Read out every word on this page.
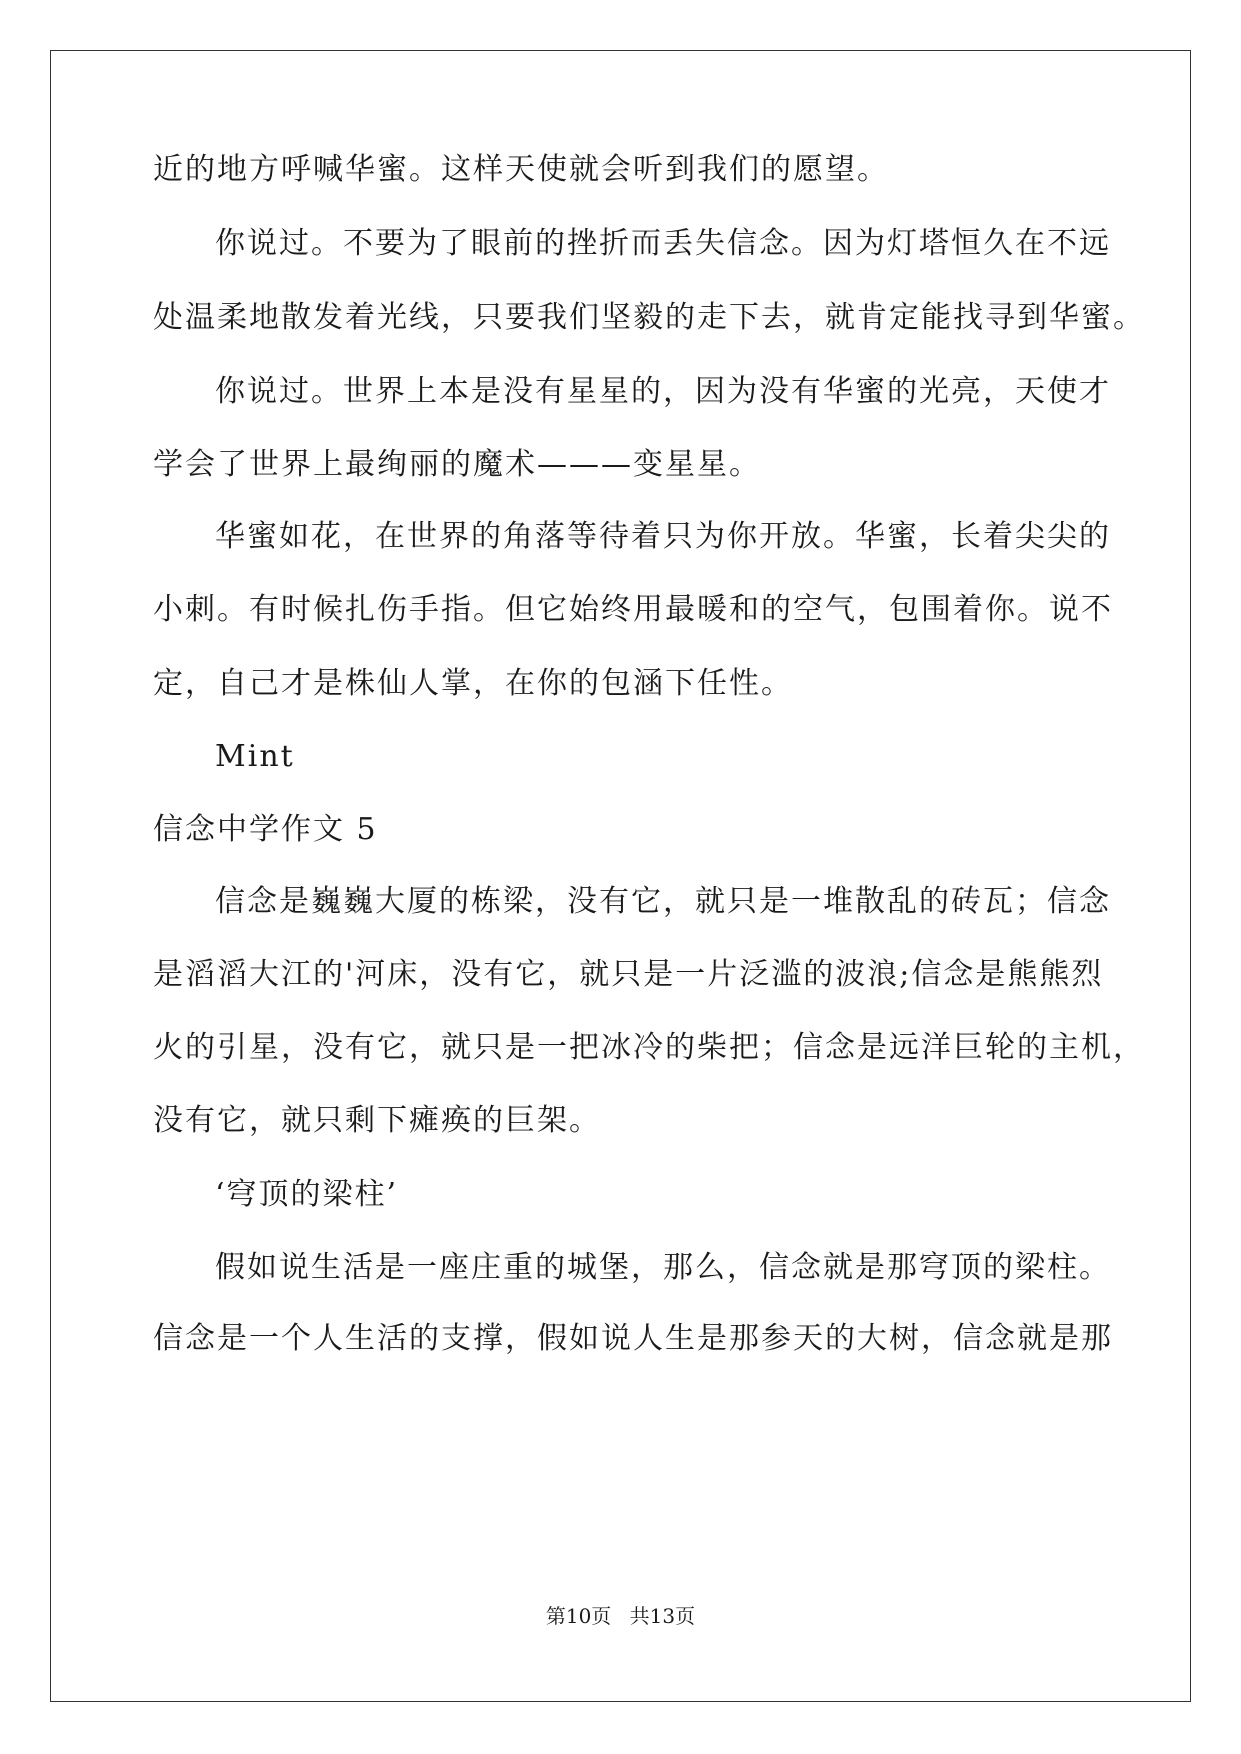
近的地方呼喊华蜜。这样天使就会听到我们的愿望。
你说过。不要为了眼前的挫折而丢失信念。因为灯塔恒久在不远
处温柔地散发着光线，只要我们坚毅的走下去，就肯定能找寻到华蜜。
你说过。世界上本是没有星星的，因为没有华蜜的光亮，天使才
学会了世界上最绚丽的魔术———变星星。
华蜜如花，在世界的角落等待着只为你开放。华蜜，长着尖尖的
小刺。有时候扎伤手指。但它始终用最暖和的空气，包围着你。说不
定，自己才是株仙人掌，在你的包涵下任性。
Mint
信念中学作文 5
信念是巍巍大厦的栋梁，没有它，就只是一堆散乱的砖瓦；信念
是滔滔大江的'河床，没有它，就只是一片泛滥的波浪;信念是熊熊烈
火的引星，没有它，就只是一把冰冷的柴把；信念是远洋巨轮的主机，
没有它，就只剩下瘫痪的巨架。
‘穹顶的梁柱’
假如说生活是一座庄重的城堡，那么，信念就是那穹顶的梁柱。
信念是一个人生活的支撑，假如说人生是那参天的大树，信念就是那
第10页 共13页
